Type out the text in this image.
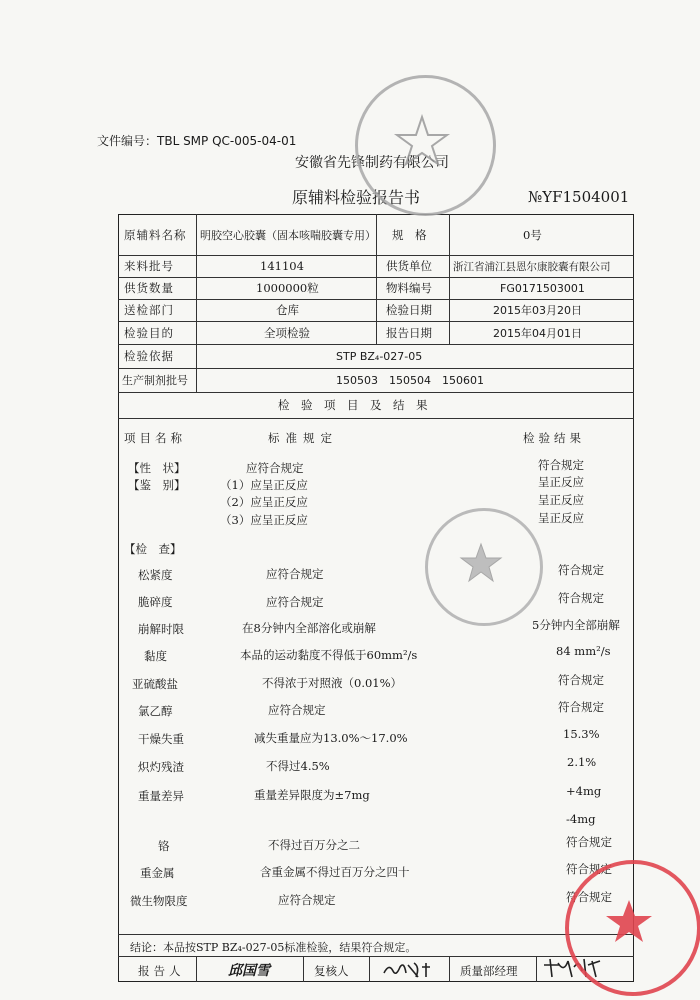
文件编号：TBL SMP QC-005-04-01
安徽省先锋制药有限公司
原辅料检验报告书	№YF1504001
原辅料名称 明胶空心胶囊（固本咳喘胶囊专用） 规　格	0号
来料批号	141104	供货单位 浙江省浦江县恩尔康胶囊有限公司
供货数量	1000000粒	物料编号	FG0171503001
送检部门	仓库	检验日期	2015年03月20日
检验目的	全项检验	报告日期	2015年04月01日
检验依据	STP BZ₄-027-05
生产制剂批号	150503　150504　150601
检　验　项　目　及　结　果
项目名称	标准规定	检验结果
【性　状】	应符合规定	符合规定
【鉴　别】	（1）应呈正反应	呈正反应
（2）应呈正反应	呈正反应
（3）应呈正反应	呈正反应
【检　查】
松紧度	应符合规定	符合规定
脆碎度	应符合规定	符合规定
崩解时限	在8分钟内全部溶化或崩解	5分钟内全部崩解
黏度	本品的运动黏度不得低于60mm²/s	84 mm²/s
亚硫酸盐	不得浓于对照液（0.01%）	符合规定
氯乙醇	应符合规定	符合规定
干燥失重	减失重量应为13.0%～17.0%	15.3%
炽灼残渣	不得过4.5%	2.1%
重量差异	重量差异限度为±7mg	+4mg
-4mg
铬	不得过百万分之二	符合规定
重金属	含重金属不得过百万分之四十	符合规定
微生物限度	应符合规定	符合规定
结论：本品按STP BZ₄-027-05标准检验，结果符合规定。
报告人	邱国雪	复核人	质量部经理
